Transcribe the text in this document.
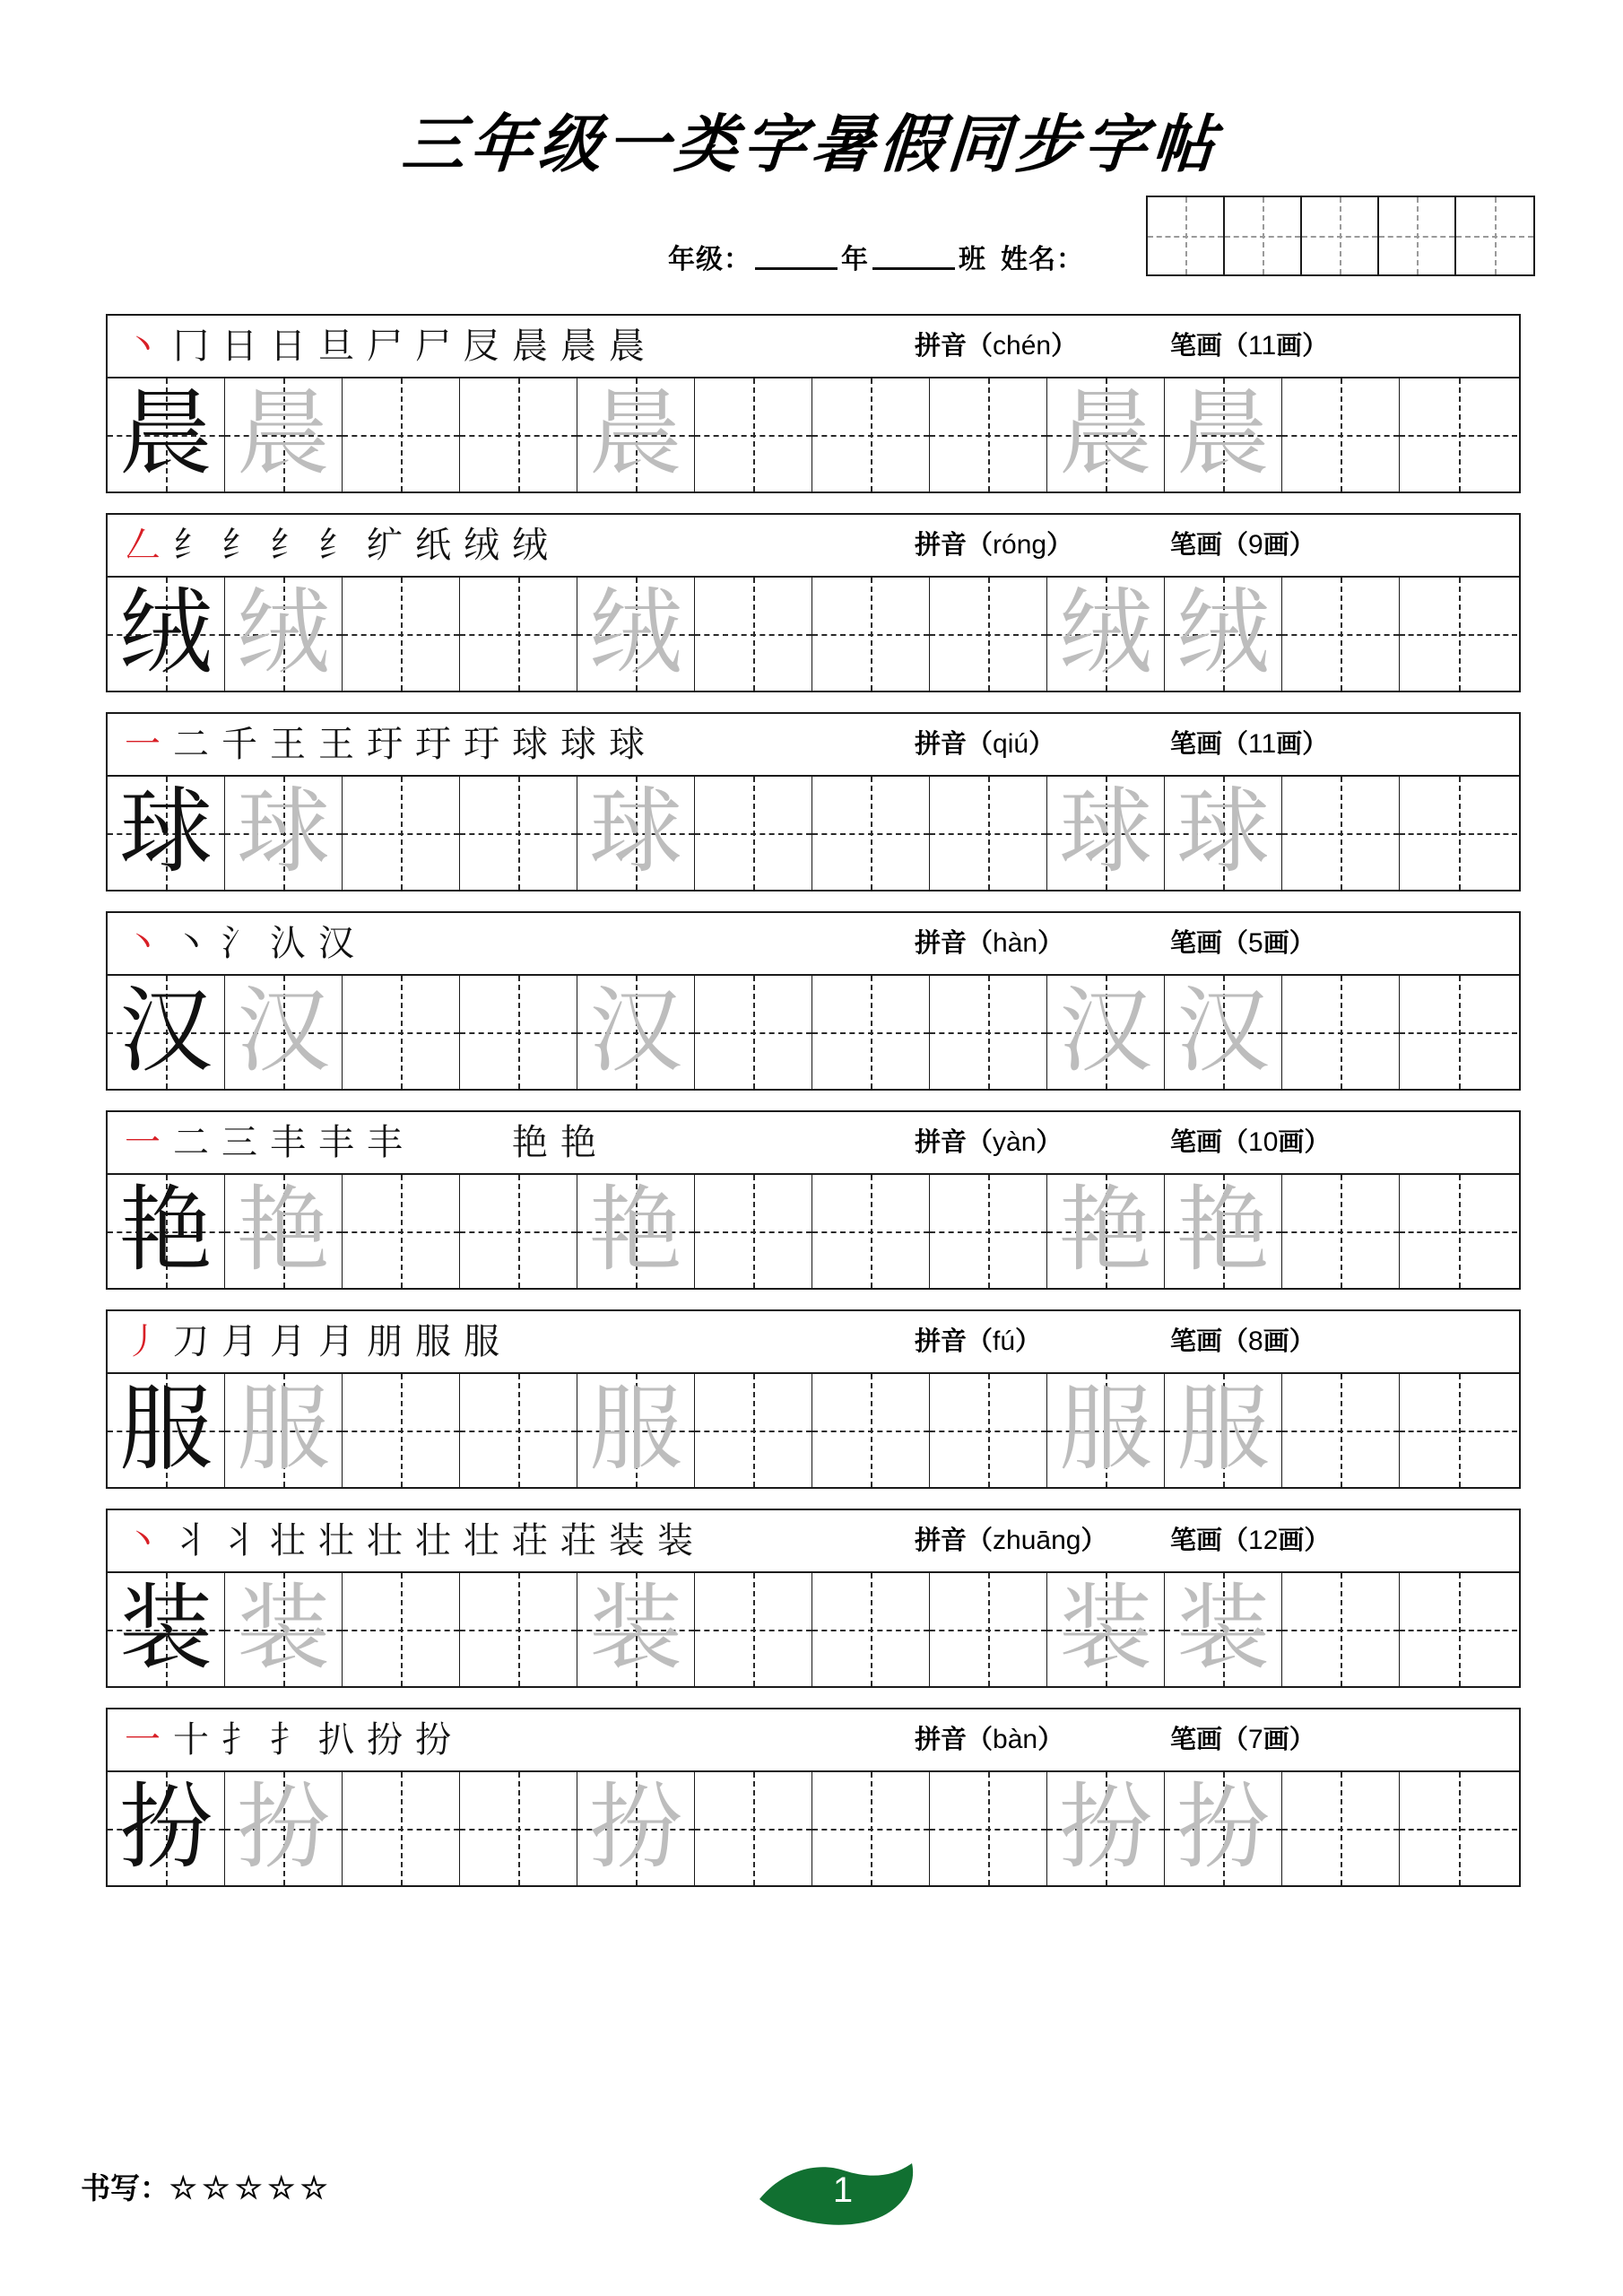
三年级一类字暑假同步字帖
年级：	年	班 姓名：
丶 冂 日 日 旦 尸 尸 㞋 晨 晨 晨	拼音（chén）	笔画（11画）
晨 晨	晨	晨 晨
𠃋 纟 纟 纟 纟 纩 纸 绒 绒	拼音（róng）	笔画（9画）
绒 绒	绒	绒 绒
一 二 千 王 王 玗 玗 玗 球 球 球	拼音（qiú）	笔画（11画）
球 球	球	球 球
丶 丶 氵 汄 汉	拼音（hàn）	笔画（5画）
汉 汉	汉	汉 汉
一 二 三 丰 丰 丰 𢼭 𢼭 艳 艳	拼音（yàn）	笔画（10画）
艳 艳	艳	艳 艳
丿 刀 月 月 月 朋 服 服	拼音（fú）	笔画（8画）
服 服	服	服 服
丶 丬 丬 壮 壮 壮 壮 壮 荘 荘 装 装	拼音（zhuāng） 笔画（12画）
装 装	装	装 装
一 十 扌 扌 扒 扮 扮	拼音（bàn）	笔画（7画）
扮 扮	扮	扮 扮
书写：☆☆☆☆☆	1
